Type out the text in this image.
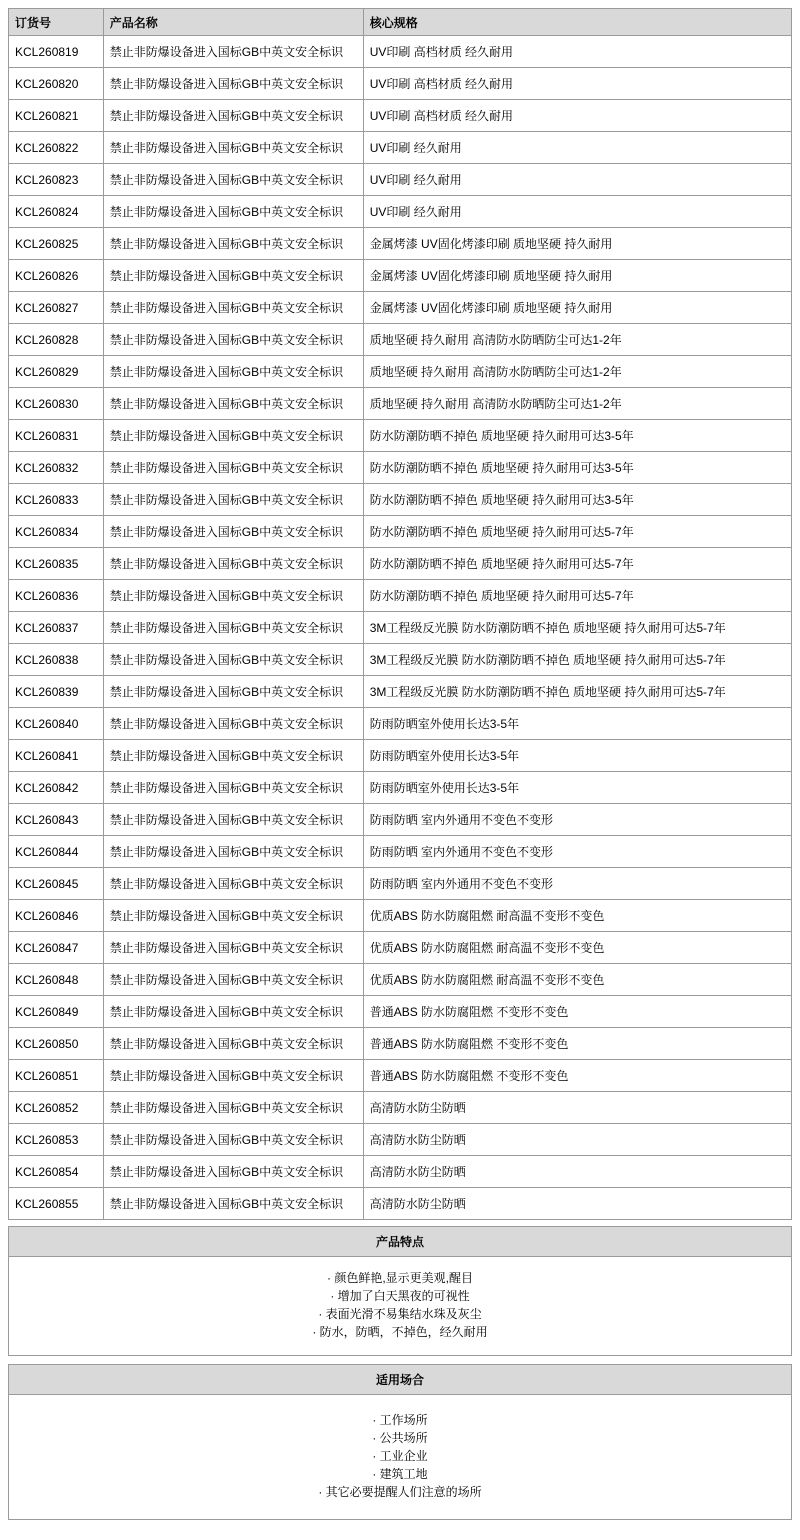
订货号	产品名称	核心规格
KCL260819	禁止非防爆设备进入国标GB中英文安全标识	UV印刷 高档材质 经久耐用
KCL260820	禁止非防爆设备进入国标GB中英文安全标识	UV印刷 高档材质 经久耐用
KCL260821	禁止非防爆设备进入国标GB中英文安全标识	UV印刷 高档材质 经久耐用
KCL260822	禁止非防爆设备进入国标GB中英文安全标识	UV印刷 经久耐用
KCL260823	禁止非防爆设备进入国标GB中英文安全标识	UV印刷 经久耐用
KCL260824	禁止非防爆设备进入国标GB中英文安全标识	UV印刷 经久耐用
KCL260825	禁止非防爆设备进入国标GB中英文安全标识	金属烤漆 UV固化烤漆印刷 质地坚硬 持久耐用
KCL260826	禁止非防爆设备进入国标GB中英文安全标识	金属烤漆 UV固化烤漆印刷 质地坚硬 持久耐用
KCL260827	禁止非防爆设备进入国标GB中英文安全标识	金属烤漆 UV固化烤漆印刷 质地坚硬 持久耐用
KCL260828	禁止非防爆设备进入国标GB中英文安全标识	质地坚硬 持久耐用 高清防水防晒防尘可达1-2年
KCL260829	禁止非防爆设备进入国标GB中英文安全标识	质地坚硬 持久耐用 高清防水防晒防尘可达1-2年
KCL260830	禁止非防爆设备进入国标GB中英文安全标识	质地坚硬 持久耐用 高清防水防晒防尘可达1-2年
KCL260831	禁止非防爆设备进入国标GB中英文安全标识	防水防潮防晒不掉色 质地坚硬 持久耐用可达3-5年
KCL260832	禁止非防爆设备进入国标GB中英文安全标识	防水防潮防晒不掉色 质地坚硬 持久耐用可达3-5年
KCL260833	禁止非防爆设备进入国标GB中英文安全标识	防水防潮防晒不掉色 质地坚硬 持久耐用可达3-5年
KCL260834	禁止非防爆设备进入国标GB中英文安全标识	防水防潮防晒不掉色 质地坚硬 持久耐用可达5-7年
KCL260835	禁止非防爆设备进入国标GB中英文安全标识	防水防潮防晒不掉色 质地坚硬 持久耐用可达5-7年
KCL260836	禁止非防爆设备进入国标GB中英文安全标识	防水防潮防晒不掉色 质地坚硬 持久耐用可达5-7年
KCL260837	禁止非防爆设备进入国标GB中英文安全标识	3M工程级反光膜 防水防潮防晒不掉色 质地坚硬 持久耐用可达5-7年
KCL260838	禁止非防爆设备进入国标GB中英文安全标识	3M工程级反光膜 防水防潮防晒不掉色 质地坚硬 持久耐用可达5-7年
KCL260839	禁止非防爆设备进入国标GB中英文安全标识	3M工程级反光膜 防水防潮防晒不掉色 质地坚硬 持久耐用可达5-7年
KCL260840	禁止非防爆设备进入国标GB中英文安全标识	防雨防晒室外使用长达3-5年
KCL260841	禁止非防爆设备进入国标GB中英文安全标识	防雨防晒室外使用长达3-5年
KCL260842	禁止非防爆设备进入国标GB中英文安全标识	防雨防晒室外使用长达3-5年
KCL260843	禁止非防爆设备进入国标GB中英文安全标识	防雨防晒 室内外通用不变色不变形
KCL260844	禁止非防爆设备进入国标GB中英文安全标识	防雨防晒 室内外通用不变色不变形
KCL260845	禁止非防爆设备进入国标GB中英文安全标识	防雨防晒 室内外通用不变色不变形
KCL260846	禁止非防爆设备进入国标GB中英文安全标识	优质ABS 防水防腐阻燃 耐高温不变形不变色
KCL260847	禁止非防爆设备进入国标GB中英文安全标识	优质ABS 防水防腐阻燃 耐高温不变形不变色
KCL260848	禁止非防爆设备进入国标GB中英文安全标识	优质ABS 防水防腐阻燃 耐高温不变形不变色
KCL260849	禁止非防爆设备进入国标GB中英文安全标识	普通ABS 防水防腐阻燃 不变形不变色
KCL260850	禁止非防爆设备进入国标GB中英文安全标识	普通ABS 防水防腐阻燃 不变形不变色
KCL260851	禁止非防爆设备进入国标GB中英文安全标识	普通ABS 防水防腐阻燃 不变形不变色
KCL260852	禁止非防爆设备进入国标GB中英文安全标识	高清防水防尘防晒
KCL260853	禁止非防爆设备进入国标GB中英文安全标识	高清防水防尘防晒
KCL260854	禁止非防爆设备进入国标GB中英文安全标识	高清防水防尘防晒
KCL260855	禁止非防爆设备进入国标GB中英文安全标识	高清防水防尘防晒
产品特点
· 颜色鲜艳,显示更美观,醒目
· 增加了白天黑夜的可视性
· 表面光滑不易集结水珠及灰尘
· 防水，防晒，不掉色，经久耐用
适用场合
· 工作场所
· 公共场所
· 工业企业
· 建筑工地
· 其它必要提醒人们注意的场所
